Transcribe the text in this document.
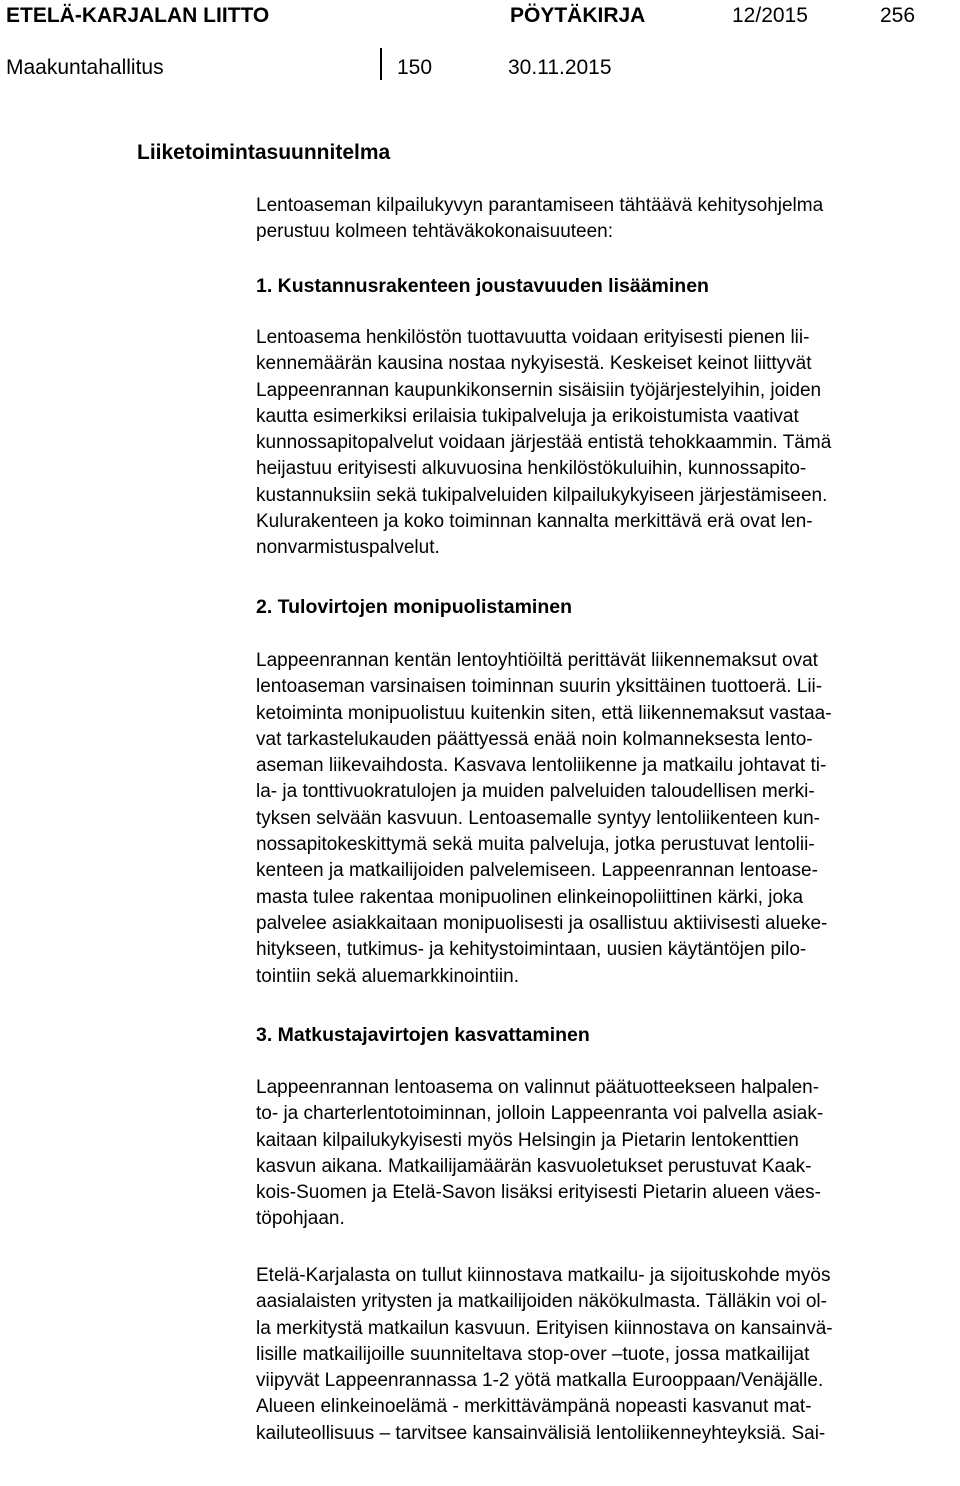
ETELÄ-KARJALAN LIITTO	PÖYTÄKIRJA	12/2015	256
Maakuntahallitus	150	30.11.2015
Liiketoimintasuunnitelma

Lentoaseman kilpailukyvyn parantamiseen tähtäävä kehitysohjelma
perustuu kolmeen tehtäväkokonaisuuteen:

1. Kustannusrakenteen joustavuuden lisääminen

Lentoasema henkilöstön tuottavuutta voidaan erityisesti pienen lii-
kennemäärän kausina nostaa nykyisestä. Keskeiset keinot liittyvät
Lappeenrannan kaupunkikonsernin sisäisiin työjärjestelyihin, joiden
kautta esimerkiksi erilaisia tukipalveluja ja erikoistumista vaativat
kunnossapitopalvelut voidaan järjestää entistä tehokkaammin. Tämä
heijastuu erityisesti alkuvuosina henkilöstökuluihin, kunnossapito-
kustannuksiin sekä tukipalveluiden kilpailukykyiseen järjestämiseen.
Kulurakenteen ja koko toiminnan kannalta merkittävä erä ovat len-
nonvarmistuspalvelut.

2. Tulovirtojen monipuolistaminen

Lappeenrannan kentän lentoyhtiöiltä perittävät liikennemaksut ovat
lentoaseman varsinaisen toiminnan suurin yksittäinen tuottoerä. Lii-
ketoiminta monipuolistuu kuitenkin siten, että liikennemaksut vastaa-
vat tarkastelukauden päättyessä enää noin kolmanneksesta lento-
aseman liikevaihdosta. Kasvava lentoliikenne ja matkailu johtavat ti-
la- ja tonttivuokratulojen ja muiden palveluiden taloudellisen merki-
tyksen selvään kasvuun. Lentoasemalle syntyy lentoliikenteen kun-
nossapitokeskittymä sekä muita palveluja, jotka perustuvat lentolii-
kenteen ja matkailijoiden palvelemiseen. Lappeenrannan lentoase-
masta tulee rakentaa monipuolinen elinkeinopoliittinen kärki, joka
palvelee asiakkaitaan monipuolisesti ja osallistuu aktiivisesti alueke-
hitykseen, tutkimus- ja kehitystoimintaan, uusien käytäntöjen pilo-
tointiin sekä aluemarkkinointiin.

3. Matkustajavirtojen kasvattaminen

Lappeenrannan lentoasema on valinnut päätuotteekseen halpalen-
to- ja charterlentotoiminnan, jolloin Lappeenranta voi palvella asiak-
kaitaan kilpailukykyisesti myös Helsingin ja Pietarin lentokenttien
kasvun aikana. Matkailijamäärän kasvuoletukset perustuvat Kaak-
kois-Suomen ja Etelä-Savon lisäksi erityisesti Pietarin alueen väes-
töpohjaan.

Etelä-Karjalasta on tullut kiinnostava matkailu- ja sijoituskohde myös
aasialaisten yritysten ja matkailijoiden näkökulmasta. Tälläkin voi ol-
la merkitystä matkailun kasvuun. Erityisen kiinnostava on kansainvä-
lisille matkailijoille suunniteltava stop-over –tuote, jossa matkailijat
viipyvät Lappeenrannassa 1-2 yötä matkalla Eurooppaan/Venäjälle.
Alueen elinkeinoelämä - merkittävämpänä nopeasti kasvanut mat-
kailuteollisuus – tarvitsee kansainvälisiä lentoliikenneyhteyksiä. Sai-
